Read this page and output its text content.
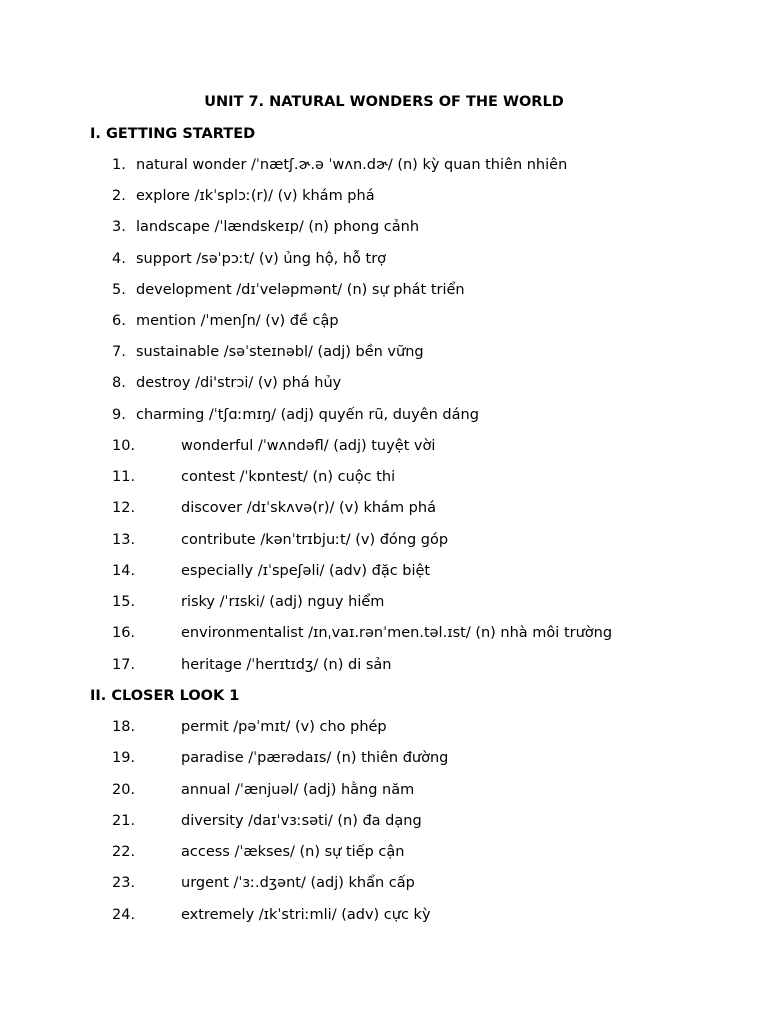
UNIT 7. NATURAL WONDERS OF THE WORLD
I. GETTING STARTED
1. natural wonder /ˈnætʃ.ɚ.ə ˈwʌn.dɚ/ (n) kỳ quan thiên nhiên
2. explore /ɪkˈsplɔː(r)/ (v) khám phá
3. landscape /ˈlændskeɪp/ (n) phong cảnh
4. support /səˈpɔːt/ (v) ủng hộ, hỗ trợ
5. development /dɪˈveləpmənt/ (n) sự phát triển
6. mention /ˈmenʃn/ (v) đề cập
7. sustainable /səˈsteɪnəbl/ (adj) bền vững
8. destroy /di'strɔi/ (v) phá hủy
9. charming /ˈtʃɑːmɪŋ/ (adj) quyến rũ, duyên dáng
10.	wonderful /ˈwʌndəfl/ (adj) tuyệt vời
11.	contest /ˈkɒntest/ (n) cuộc thi
12.	discover /dɪˈskʌvə(r)/ (v) khám phá
13.	contribute /kənˈtrɪbjuːt/ (v) đóng góp
14.	especially /ɪˈspeʃəli/ (adv) đặc biệt
15.	risky /ˈrɪski/ (adj) nguy hiểm
16.	environmentalist /ɪnˌvaɪ.rənˈmen.təl.ɪst/ (n) nhà môi trường
17.	heritage /ˈherɪtɪdʒ/ (n) di sản
II. CLOSER LOOK 1
18.	permit /pəˈmɪt/ (v) cho phép
19.	paradise /ˈpærədaɪs/ (n) thiên đường
20.	annual /ˈænjuəl/ (adj) hằng năm
21.	diversity /daɪˈvɜːsəti/ (n) đa dạng
22.	access /ˈækses/ (n) sự tiếp cận
23.	urgent /ˈɜː.dʒənt/ (adj) khẩn cấp
24.	extremely /ɪkˈstriːmli/ (adv) cực kỳ
